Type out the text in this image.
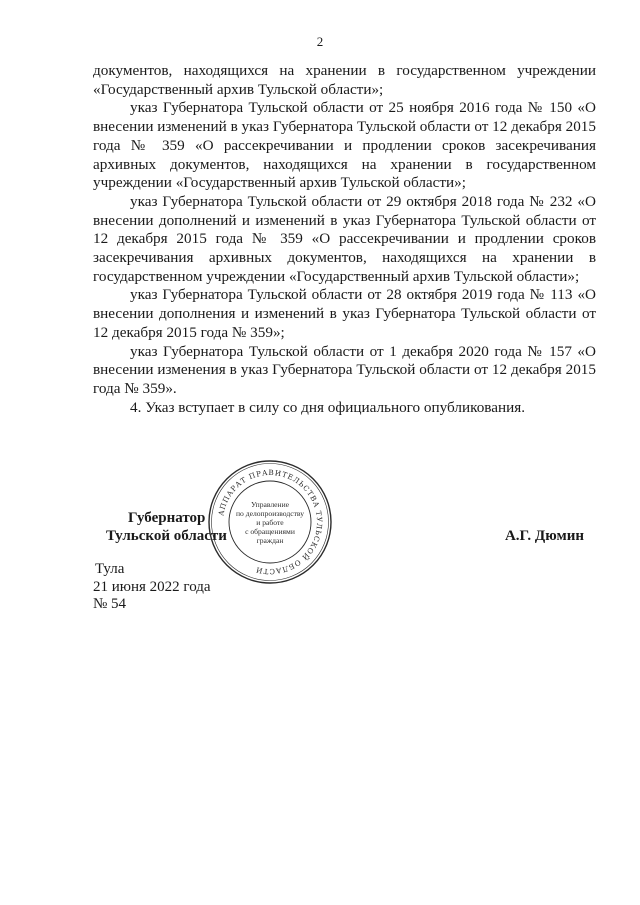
2

документов, находящихся на хранении в государственном учреждении «Государственный архив Тульской области»;

указ Губернатора Тульской области от 25 ноября 2016 года № 150 «О внесении изменений в указ Губернатора Тульской области от 12 декабря 2015 года № 359 «О рассекречивании и продлении сроков засекречивания архивных документов, находящихся на хранении в государственном учреждении «Государственный архив Тульской области»;

указ Губернатора Тульской области от 29 октября 2018 года № 232 «О внесении дополнений и изменений в указ Губернатора Тульской области от 12 декабря 2015 года № 359 «О рассекречивании и продлении сроков засекречивания архивных документов, находящихся на хранении в государственном учреждении «Государственный архив Тульской области»;

указ Губернатора Тульской области от 28 октября 2019 года № 113 «О внесении дополнения и изменений в указ Губернатора Тульской области от 12 декабря 2015 года № 359»;

указ Губернатора Тульской области от 1 декабря 2020 года № 157 «О внесении изменения в указ Губернатора Тульской области от 12 декабря 2015 года № 359».

4. Указ вступает в силу со дня официального опубликования.

Губернатор
Тульской области	А.Г. Дюмин
АППАРАТ ПРАВИТЕЛЬСТВА ТУЛЬСКОЙ ОБЛАСТИ
Управление
по делопроизводству
и работе
с обращениями
граждан
Тула
21 июня 2022 года
№ 54
